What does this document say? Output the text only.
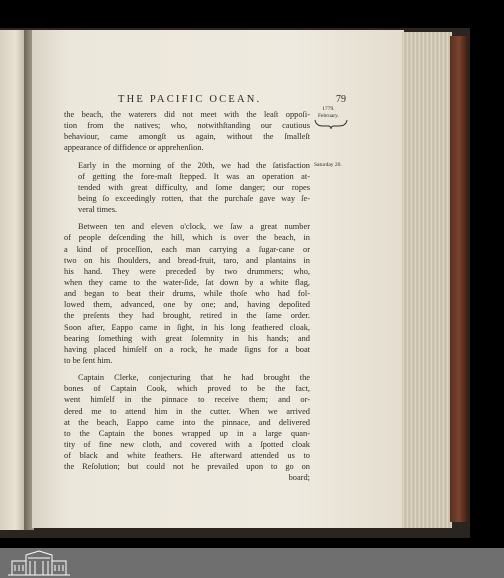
THE PACIFIC OCEAN.	79
1779.
February.
Saturday 20.

the beach, the waterers did not meet with the leaſt oppoſi-
tion from the natives; who, notwithſtanding our cautious
behaviour, came amongſt us again, without the ſmalleſt
appearance of diffidence or apprehenſion.

Early in the morning of the 20th, we had the ſatisfaction
of getting the fore-maſt ſtepped. It was an operation at-
tended with great difficulty, and ſome danger; our ropes
being ſo exceedingly rotten, that the purchaſe gave way ſe-
veral times.

Between ten and eleven o'clock, we ſaw a great number
of people deſcending the hill, which is over the beach, in
a kind of proceſſion, each man carrying a ſugar-cane or
two on his ſhoulders, and bread-fruit, taro, and plantains in
his hand. They were preceded by two drummers; who,
when they came to the water-ſide, ſat down by a white flag,
and began to beat their drums, while thoſe who had fol-
lowed them, advanced, one by one; and, having depoſited
the preſents they had brought, retired in the ſame order.
Soon after, Eappo came in ſight, in his long feathered cloak,
bearing ſomething with great ſolemnity in his hands; and
having placed himſelf on a rock, he made ſigns for a boat
to be ſent him.

Captain Clerke, conjecturing that he had brought the
bones of Captain Cook, which proved to be the fact,
went himſelf in the pinnace to receive them; and or-
dered me to attend him in the cutter. When we arrived
at the beach, Eappo came into the pinnace, and delivered
to the Captain the bones wrapped up in a large quan-
tity of fine new cloth, and covered with a ſpotted cloak
of black and white feathers. He afterward attended us to
the Reſolution; but could not be prevailed upon to go on
board;
